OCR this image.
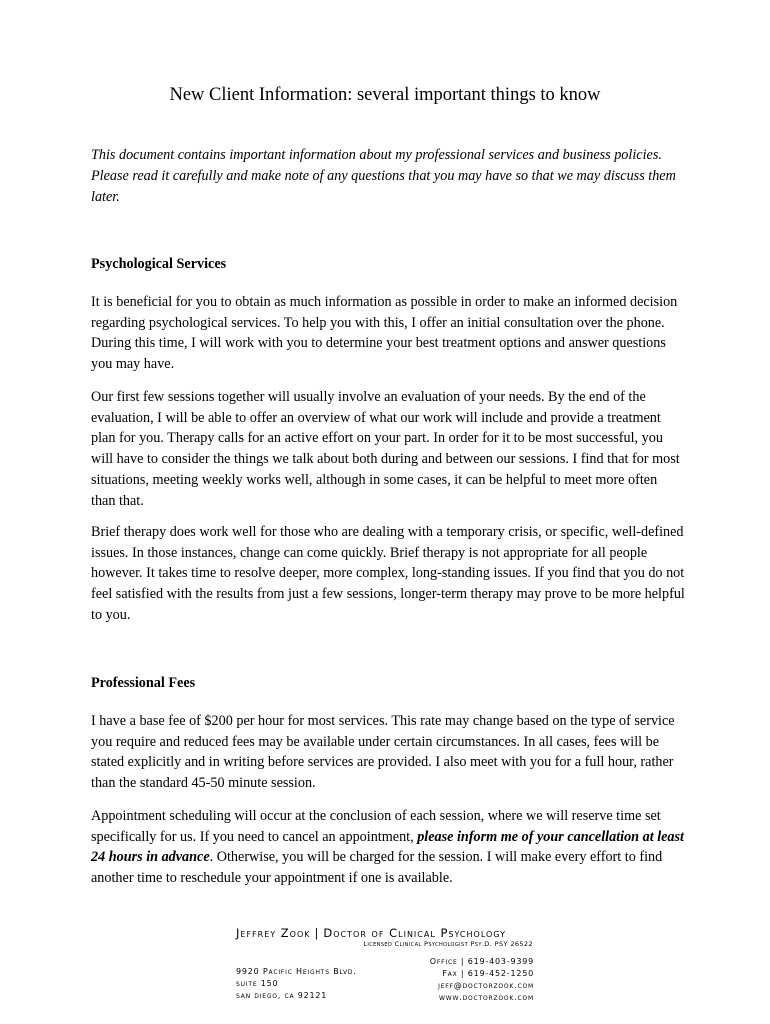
New Client Information: several important things to know

This document contains important information about my professional services and business policies. Please read it carefully and make note of any questions that you may have so that we may discuss them later.

Psychological Services

It is beneficial for you to obtain as much information as possible in order to make an informed decision regarding psychological services. To help you with this, I offer an initial consultation over the phone. During this time, I will work with you to determine your best treatment options and answer questions you may have.

Our first few sessions together will usually involve an evaluation of your needs. By the end of the evaluation, I will be able to offer an overview of what our work will include and provide a treatment plan for you. Therapy calls for an active effort on your part. In order for it to be most successful, you will have to consider the things we talk about both during and between our sessions. I find that for most situations, meeting weekly works well, although in some cases, it can be helpful to meet more often than that.

Brief therapy does work well for those who are dealing with a temporary crisis, or specific, well-defined issues. In those instances, change can come quickly. Brief therapy is not appropriate for all people however. It takes time to resolve deeper, more complex, long-standing issues. If you find that you do not feel satisfied with the results from just a few sessions, longer-term therapy may prove to be more helpful to you.

Professional Fees

I have a base fee of $200 per hour for most services. This rate may change based on the type of service you require and reduced fees may be available under certain circumstances. In all cases, fees will be stated explicitly and in writing before services are provided. I also meet with you for a full hour, rather than the standard 45-50 minute session.

Appointment scheduling will occur at the conclusion of each session, where we will reserve time set specifically for us. If you need to cancel an appointment, please inform me of your cancellation at least 24 hours in advance. Otherwise, you will be charged for the session. I will make every effort to find another time to reschedule your appointment if one is available.

Jeffrey Zook | Doctor of Clinical Psychology
Licensed Clinical Psychologist Psy.D. PSY 26522
9920 Pacific Heights Blvd.
suite 150
san diego, ca 92121
Office | 619-403-9399
Fax | 619-452-1250
jeff@doctorzook.com
www.doctorzook.com
